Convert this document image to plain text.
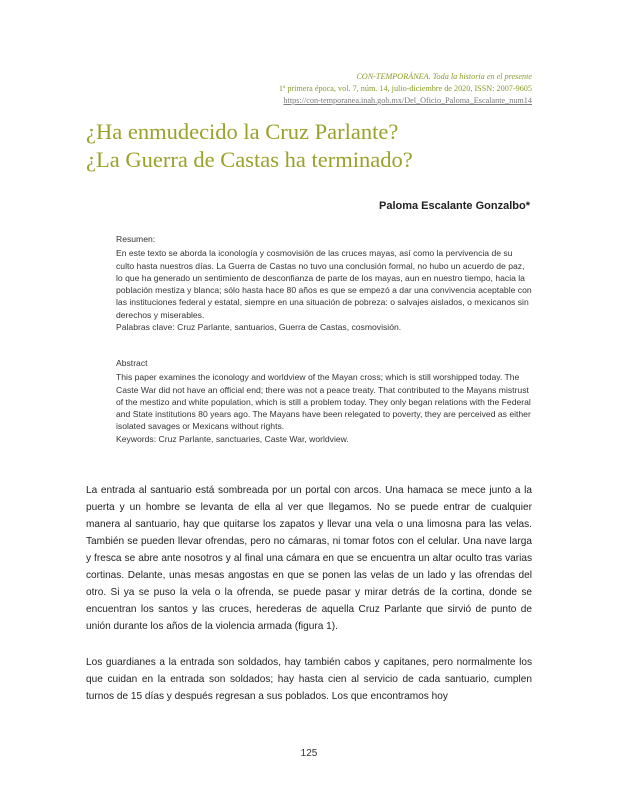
CON-TEMPORÁNEA. Toda la historia en el presente
1ª primera época, vol. 7, núm. 14, julio-diciembre de 2020, ISSN: 2007-9605
https://con-temporanea.inah.gob.mx/Del_Oficio_Paloma_Escalante_num14
¿Ha enmudecido la Cruz Parlante?
¿La Guerra de Castas ha terminado?
Paloma Escalante Gonzalbo*

Resumen:

En este texto se aborda la iconología y cosmovisión de las cruces mayas, así como la pervivencia de su culto hasta nuestros días. La Guerra de Castas no tuvo una conclusión formal, no hubo un acuerdo de paz, lo que ha generado un sentimiento de desconfianza de parte de los mayas, aun en nuestro tiempo, hacia la población mestiza y blanca; sólo hasta hace 80 años es que se empezó a dar una convivencia aceptable con las instituciones federal y estatal, siempre en una situación de pobreza: o salvajes aislados, o mexicanos sin derechos y miserables.

Palabras clave: Cruz Parlante, santuarios, Guerra de Castas, cosmovisión.

Abstract

This paper examines the iconology and worldview of the Mayan cross; which is still worshipped today. The Caste War did not have an official end; there was not a peace treaty. That contributed to the Mayans mistrust of the mestizo and white population, which is still a problem today. They only began relations with the Federal and State institutions 80 years ago. The Mayans have been relegated to poverty, they are perceived as either isolated savages or Mexicans without rights.

Keywords: Cruz Parlante, sanctuaries, Caste War, worldview.

La entrada al santuario está sombreada por un portal con arcos. Una hamaca se mece junto a la puerta y un hombre se levanta de ella al ver que llegamos. No se puede entrar de cualquier manera al santuario, hay que quitarse los zapatos y llevar una vela o una limosna para las velas. También se pueden llevar ofrendas, pero no cámaras, ni tomar fotos con el celular. Una nave larga y fresca se abre ante nosotros y al final una cámara en que se encuentra un altar oculto tras varias cortinas. Delante, unas mesas angostas en que se ponen las velas de un lado y las ofrendas del otro. Si ya se puso la vela o la ofrenda, se puede pasar y mirar detrás de la cortina, donde se encuentran los santos y las cruces, herederas de aquella Cruz Parlante que sirvió de punto de unión durante los años de la violencia armada (figura 1).

Los guardianes a la entrada son soldados, hay también cabos y capitanes, pero normalmente los que cuidan en la entrada son soldados; hay hasta cien al servicio de cada santuario, cumplen turnos de 15 días y después regresan a sus poblados. Los que encontramos hoy

125
